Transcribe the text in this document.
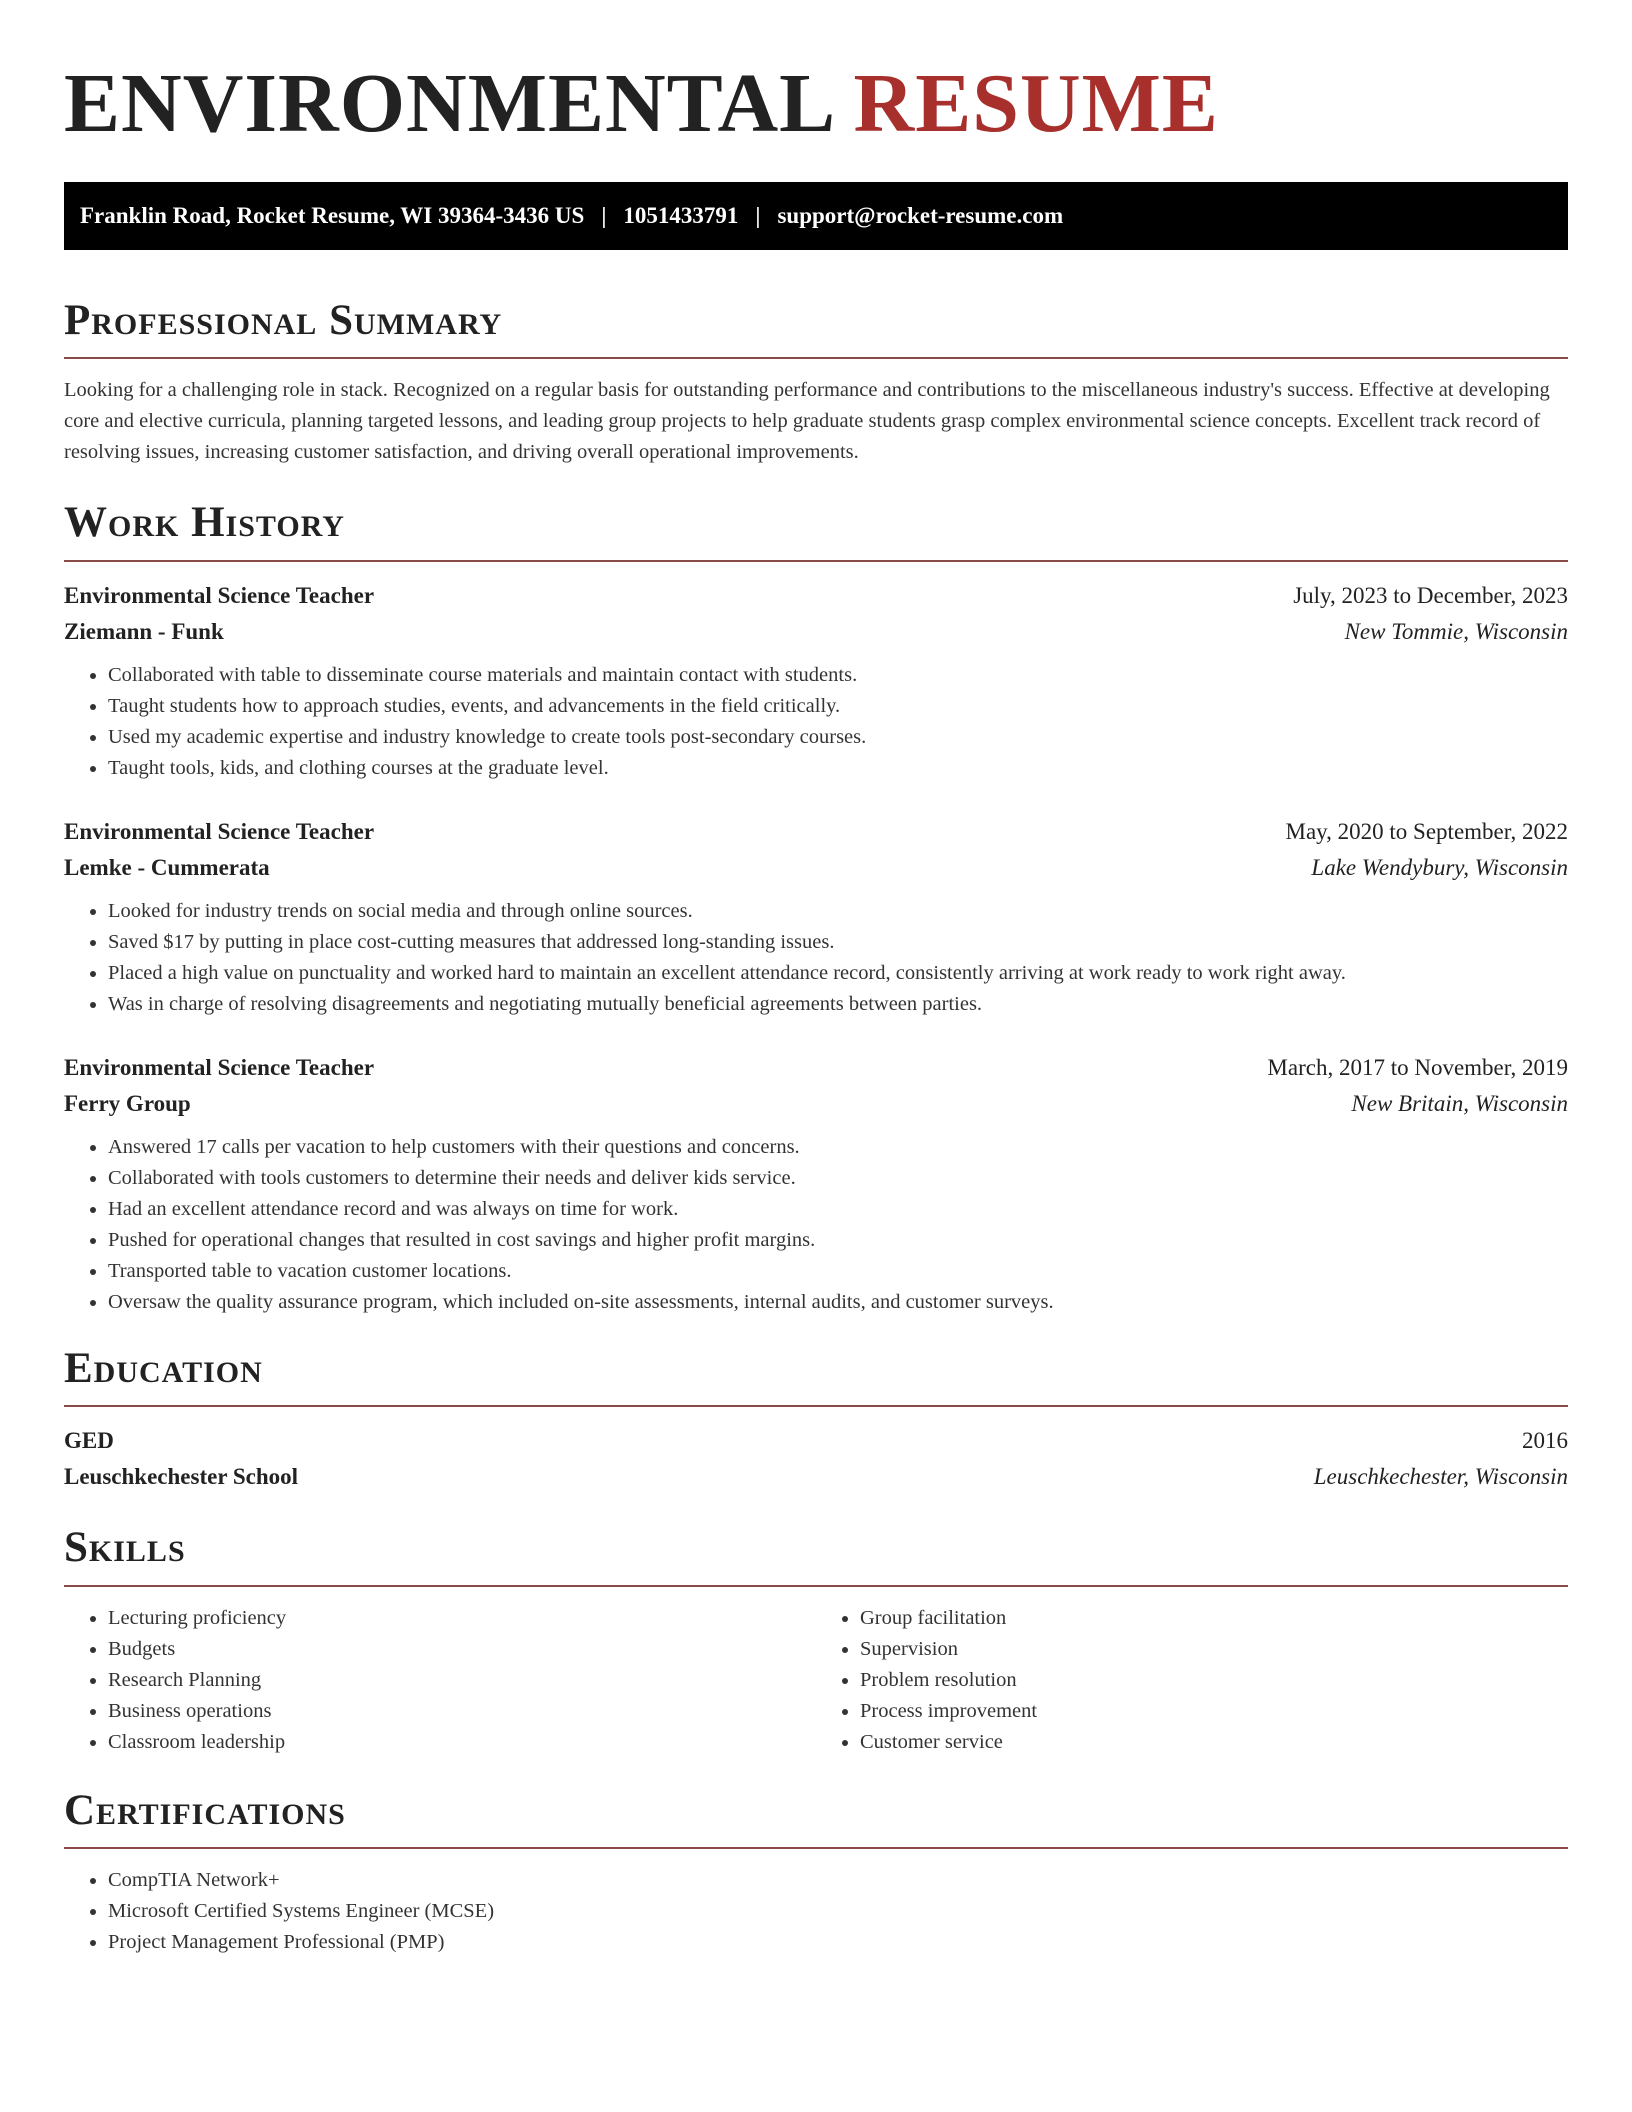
ENVIRONMENTAL RESUME
Franklin Road, Rocket Resume, WI 39364-3436 US | 1051433791 | support@rocket-resume.com
Professional Summary

Looking for a challenging role in stack. Recognized on a regular basis for outstanding performance and contributions to the miscellaneous industry's success. Effective at developing core and elective curricula, planning targeted lessons, and leading group projects to help graduate students grasp complex environmental science concepts. Excellent track record of resolving issues, increasing customer satisfaction, and driving overall operational improvements.

Work History
Environmental Science Teacher	July, 2023 to December, 2023
Ziemann - Funk	New Tommie, Wisconsin
• Collaborated with table to disseminate course materials and maintain contact with students.
• Taught students how to approach studies, events, and advancements in the field critically.
• Used my academic expertise and industry knowledge to create tools post-secondary courses.
• Taught tools, kids, and clothing courses at the graduate level.
Environmental Science Teacher	May, 2020 to September, 2022
Lemke - Cummerata	Lake Wendybury, Wisconsin
• Looked for industry trends on social media and through online sources.
• Saved $17 by putting in place cost-cutting measures that addressed long-standing issues.
• Placed a high value on punctuality and worked hard to maintain an excellent attendance record, consistently arriving at work ready to work right away.
• Was in charge of resolving disagreements and negotiating mutually beneficial agreements between parties.
Environmental Science Teacher	March, 2017 to November, 2019
Ferry Group	New Britain, Wisconsin
• Answered 17 calls per vacation to help customers with their questions and concerns.
• Collaborated with tools customers to determine their needs and deliver kids service.
• Had an excellent attendance record and was always on time for work.
• Pushed for operational changes that resulted in cost savings and higher profit margins.
• Transported table to vacation customer locations.
• Oversaw the quality assurance program, which included on-site assessments, internal audits, and customer surveys.
Education
GED	2016
Leuschkechester School	Leuschkechester, Wisconsin
Skills
• Lecturing proficiency
• Budgets
• Research Planning
• Business operations
• Classroom leadership
• Group facilitation
• Supervision
• Problem resolution
• Process improvement
• Customer service
Certifications
• CompTIA Network+
• Microsoft Certified Systems Engineer (MCSE)
• Project Management Professional (PMP)
